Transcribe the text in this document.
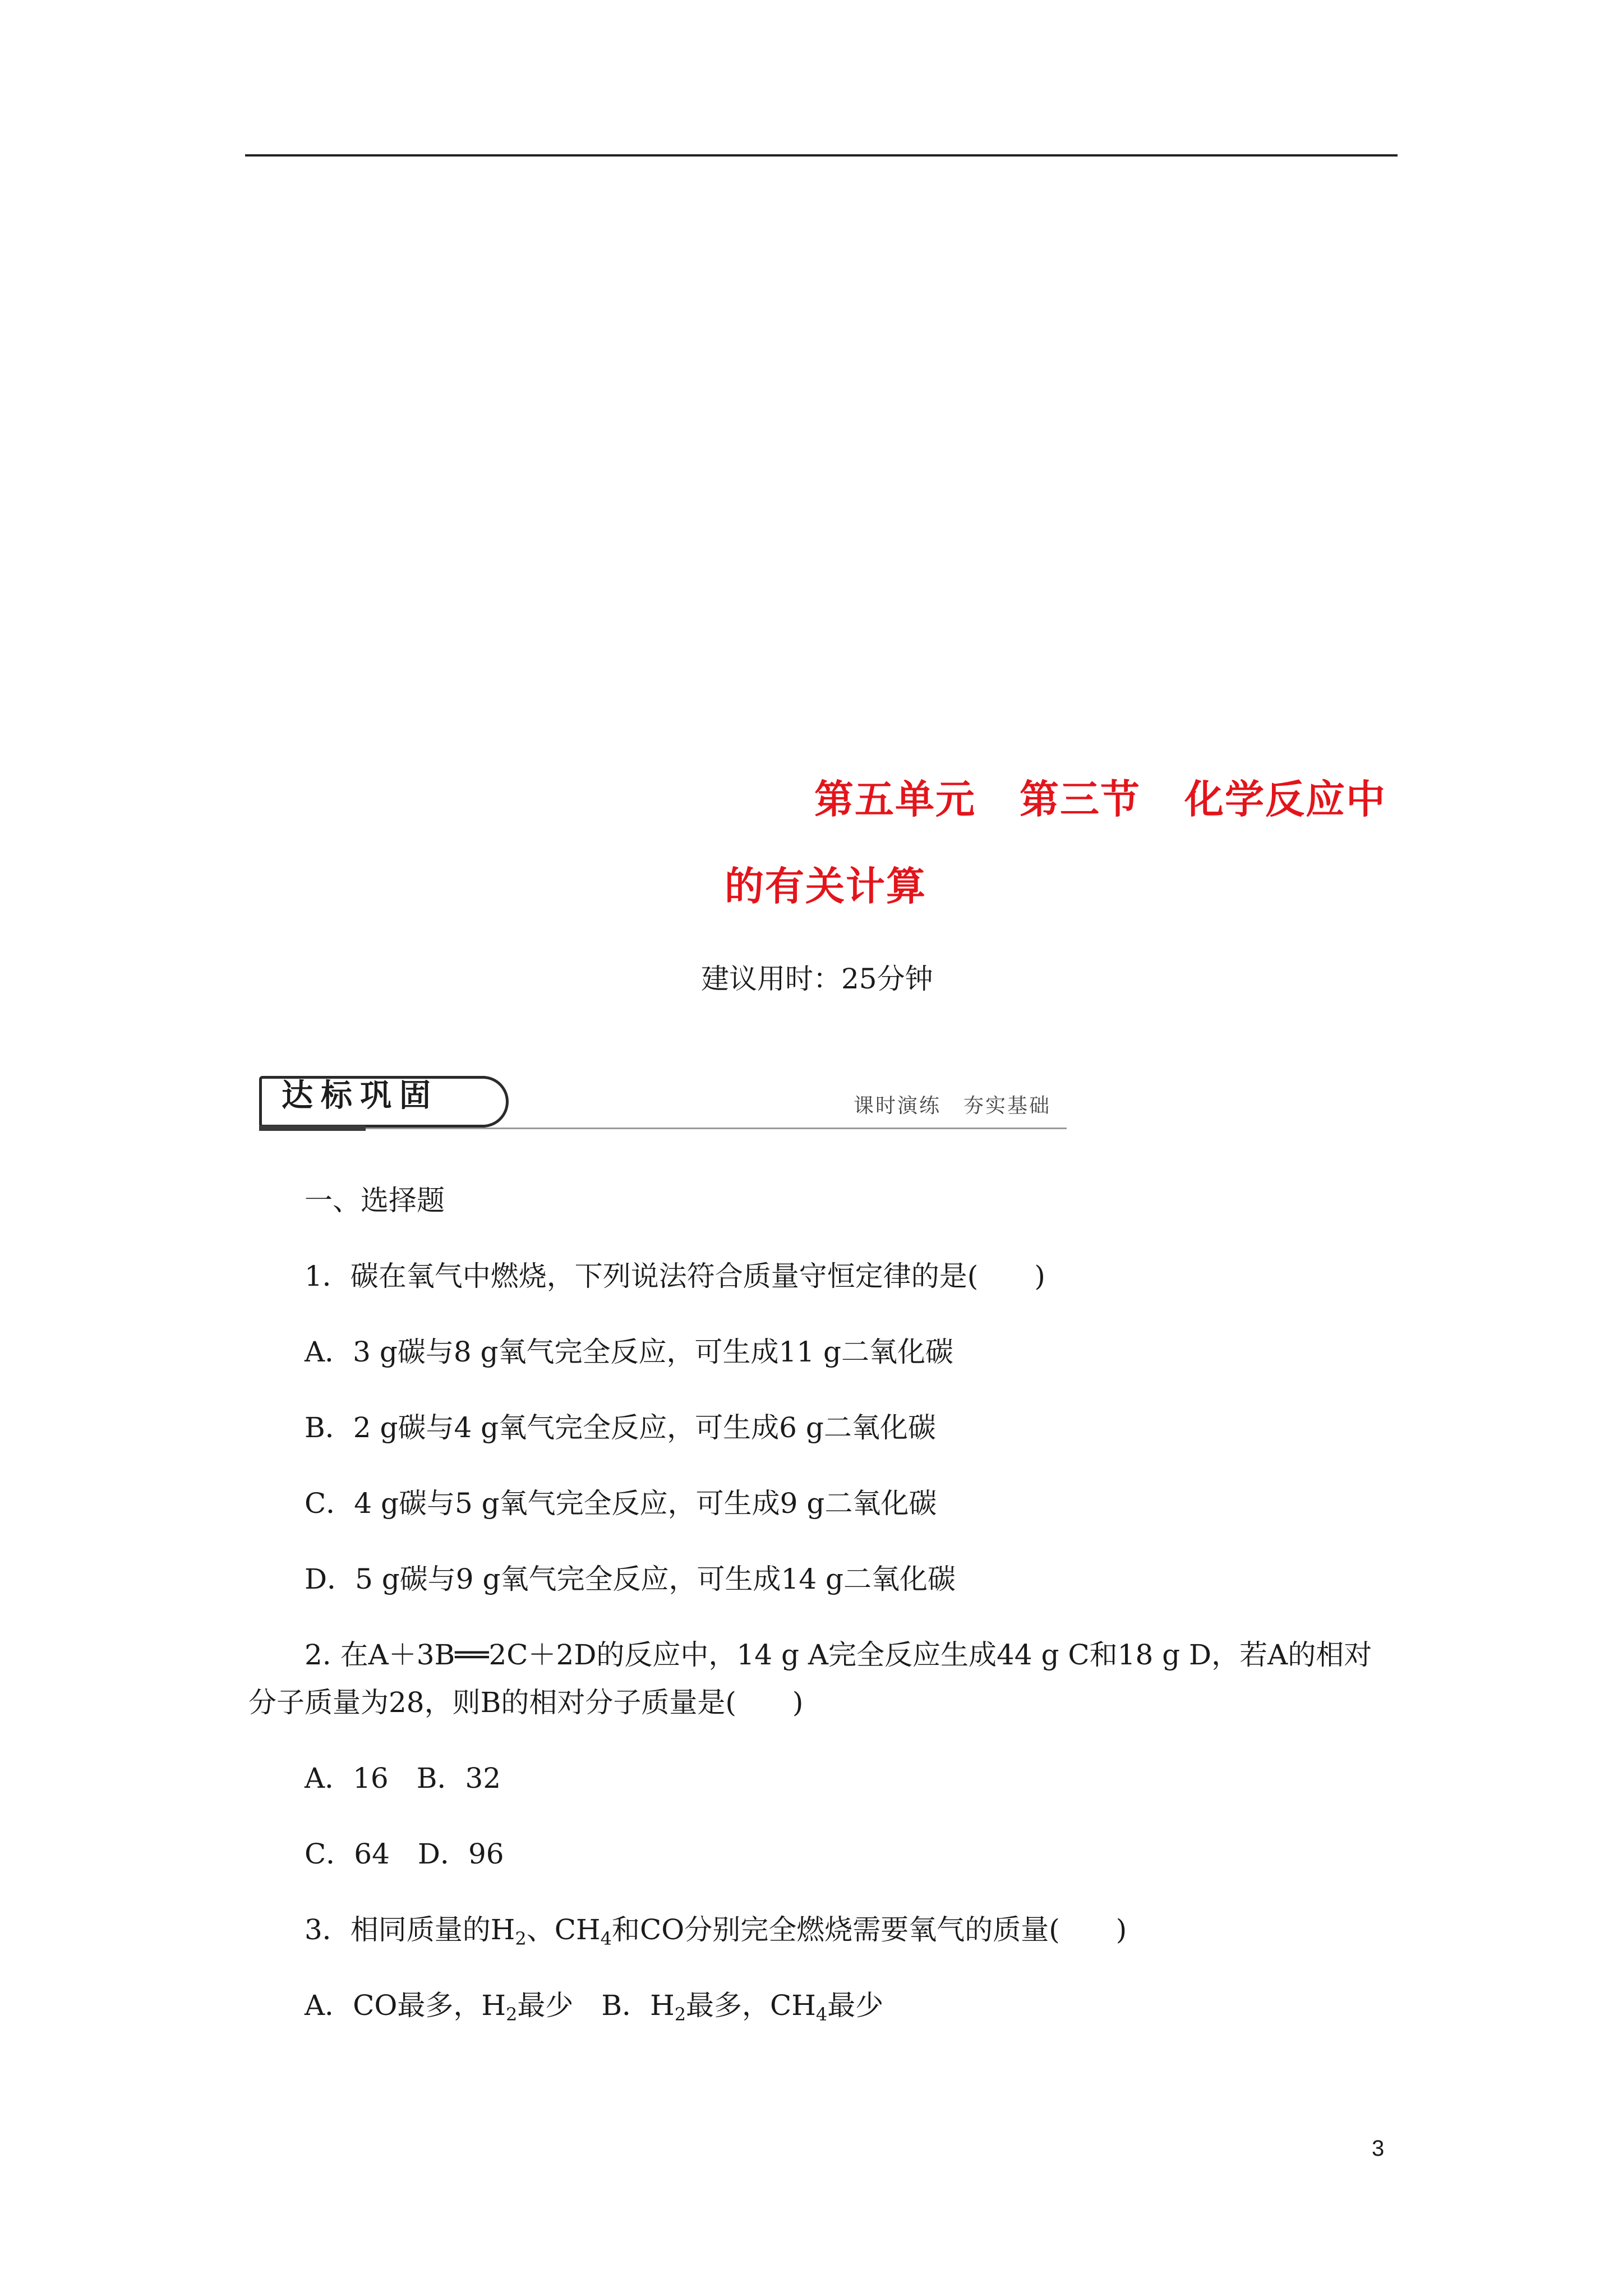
第五单元 第三节 化学反应中
的有关计算
建议用时：25分钟
达标巩固	课时演练 夯实基础
一、选择题
1．碳在氧气中燃烧，下列说法符合质量守恒定律的是(　　)
A．3 g碳与8 g氧气完全反应，可生成11 g二氧化碳
B．2 g碳与4 g氧气完全反应，可生成6 g二氧化碳
C．4 g碳与5 g氧气完全反应，可生成9 g二氧化碳
D．5 g碳与9 g氧气完全反应，可生成14 g二氧化碳
2. 在A＋3B══2C＋2D的反应中，14 g A完全反应生成44 g C和18 g D，若A的相对
分子质量为28，则B的相对分子质量是(　　)
A．16　B．32
C．64　D．96
3．相同质量的$H_2$、$CH_4$和CO分别完全燃烧需要氧气的质量(　　)
A．CO最多，$H_2$最少　B．$H_2$最多，$CH_4$最少
3
